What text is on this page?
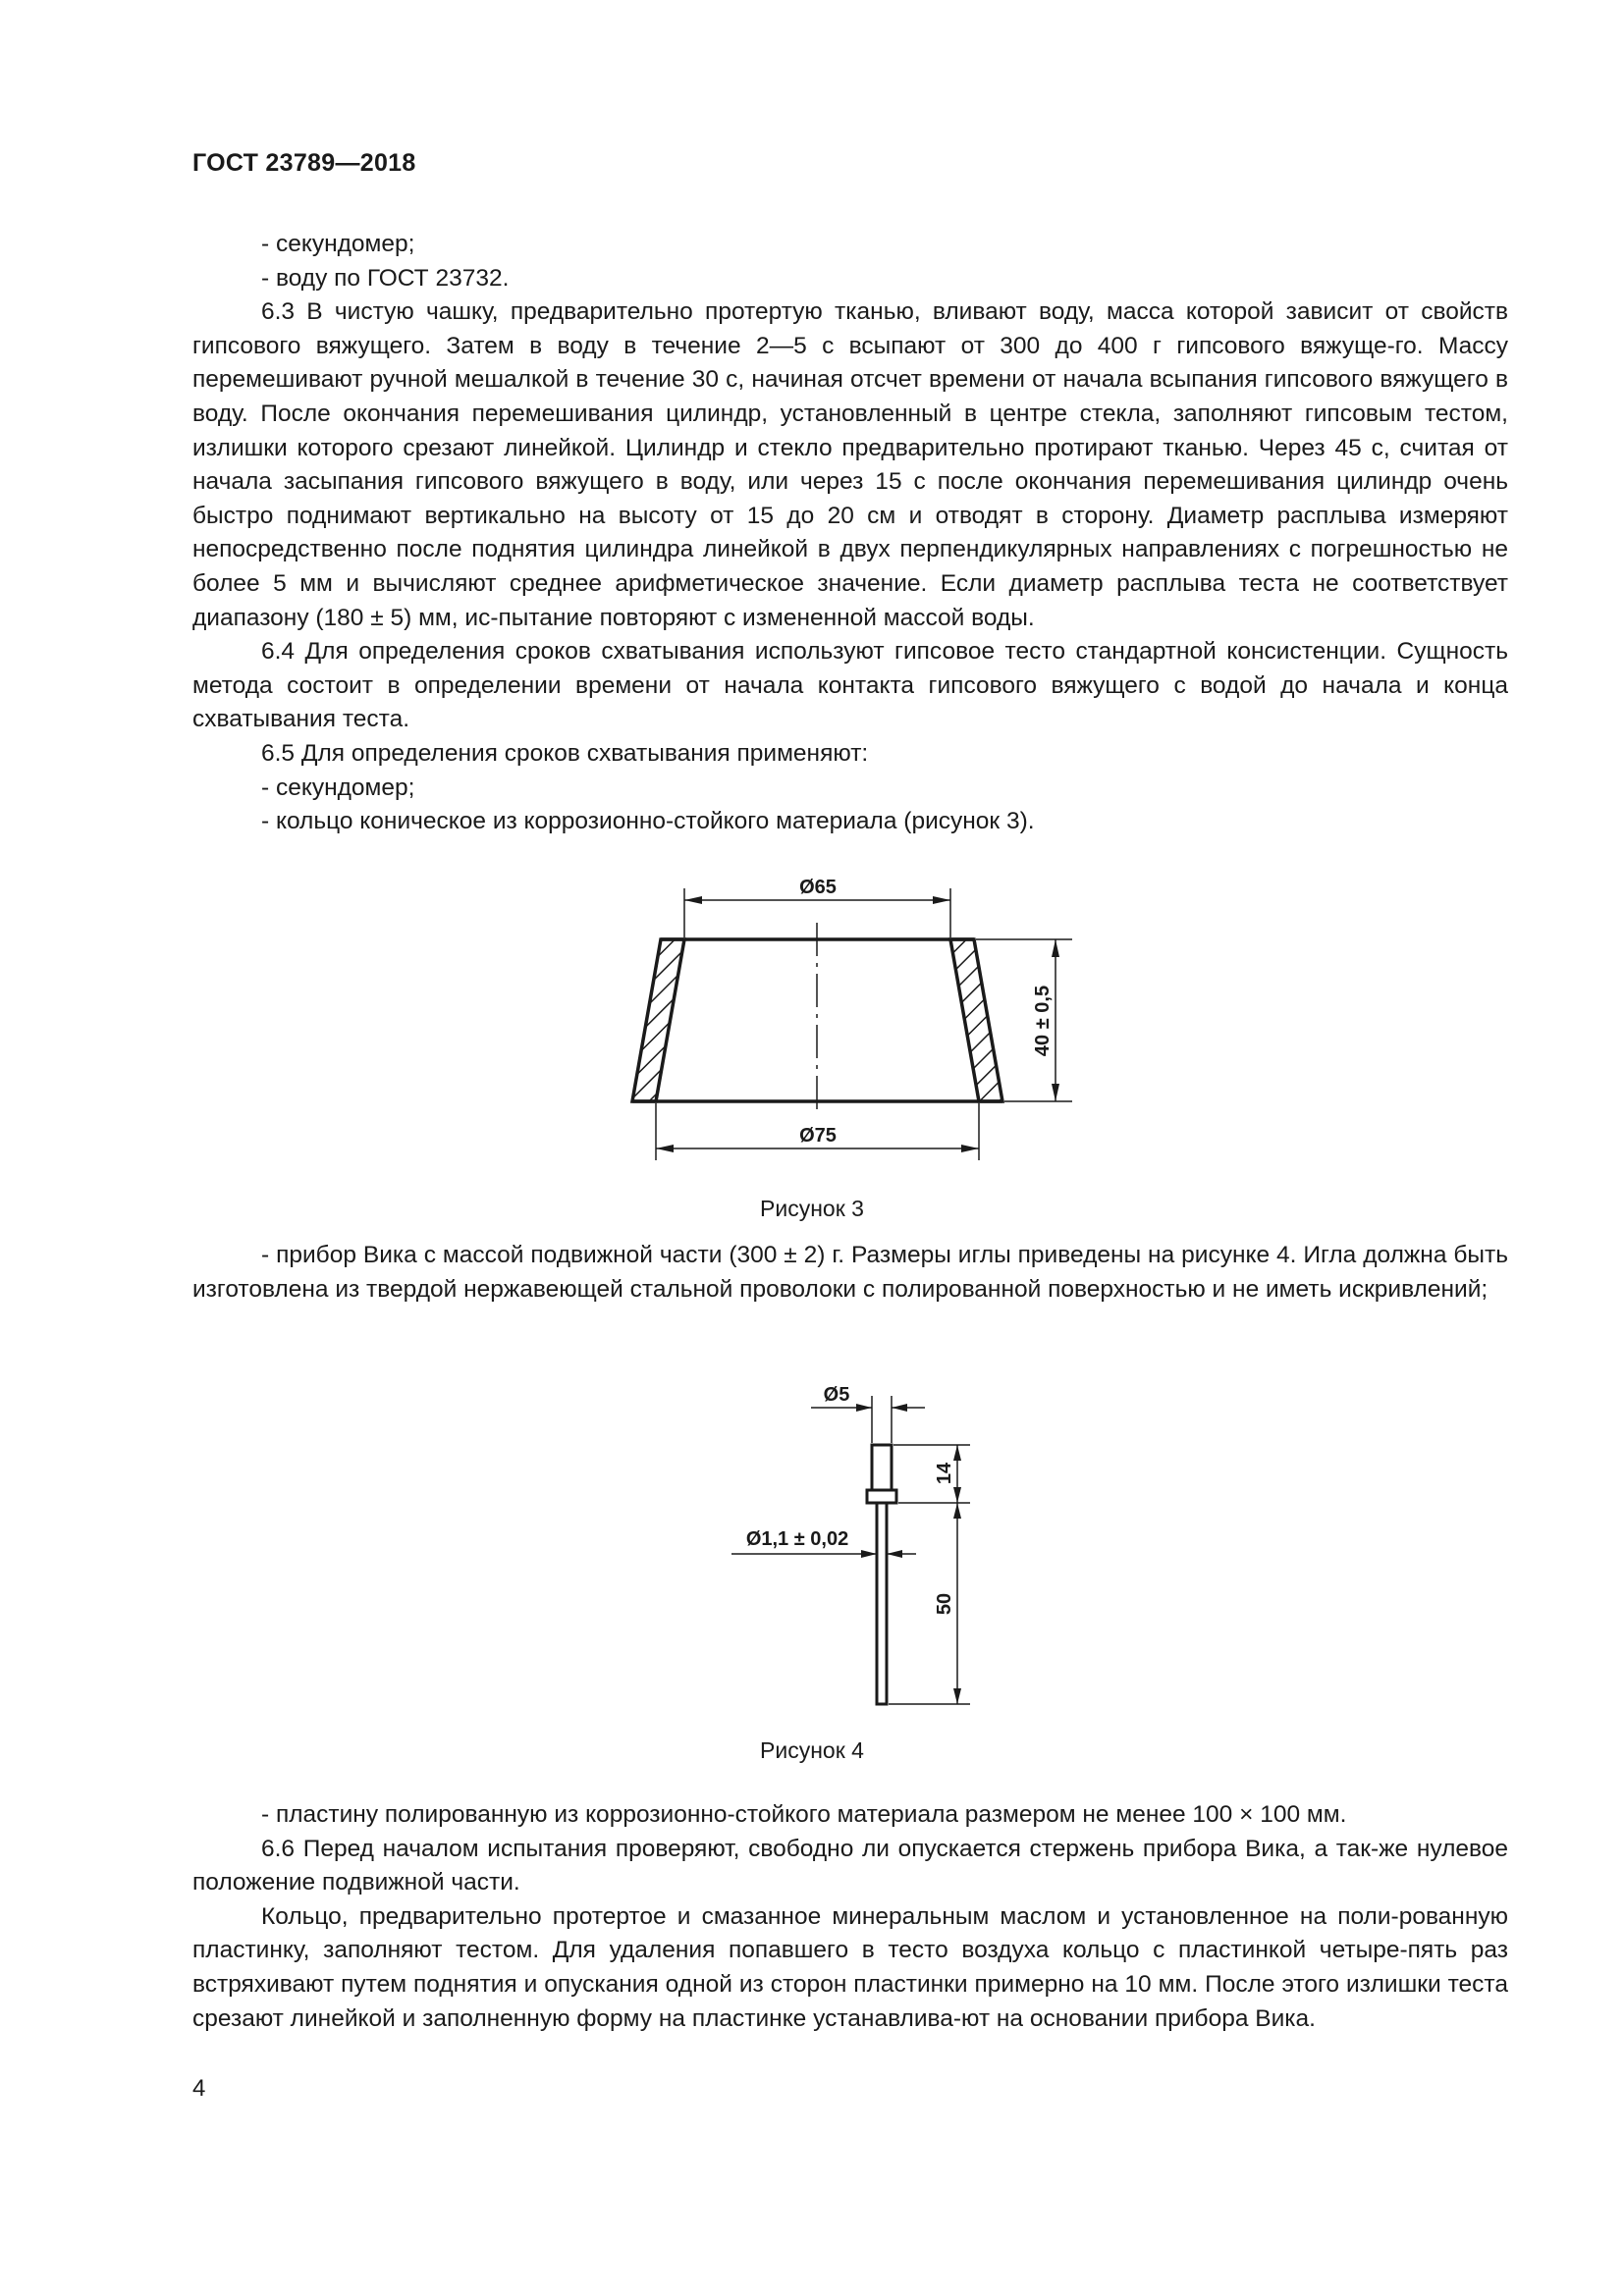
ГОСТ 23789—2018

- секундомер;

- воду по ГОСТ 23732.

6.3 В чистую чашку, предварительно протертую тканью, вливают воду, масса которой зависит от свойств гипсового вяжущего. Затем в воду в течение 2—5 с всыпают от 300 до 400 г гипсового вяжуще-го. Массу перемешивают ручной мешалкой в течение 30 с, начиная отсчет времени от начала всыпания гипсового вяжущего в воду. После окончания перемешивания цилиндр, установленный в центре стекла, заполняют гипсовым тестом, излишки которого срезают линейкой. Цилиндр и стекло предварительно протирают тканью. Через 45 с, считая от начала засыпания гипсового вяжущего в воду, или через 15 с после окончания перемешивания цилиндр очень быстро поднимают вертикально на высоту от 15 до 20 см и отводят в сторону. Диаметр расплыва измеряют непосредственно после поднятия цилиндра линейкой в двух перпендикулярных направлениях с погрешностью не более 5 мм и вычисляют среднее арифметическое значение. Если диаметр расплыва теста не соответствует диапазону (180 ± 5) мм, ис-пытание повторяют с измененной массой воды.

6.4 Для определения сроков схватывания используют гипсовое тесто стандартной консистенции. Сущность метода состоит в определении времени от начала контакта гипсового вяжущего с водой до начала и конца схватывания теста.

6.5 Для определения сроков схватывания применяют:

- секундомер;

- кольцо коническое из коррозионно-стойкого материала (рисунок 3).

Ø65
Ø75
40 ± 0,5
Рисунок 3

- прибор Вика с массой подвижной части (300 ± 2) г. Размеры иглы приведены на рисунке 4. Игла должна быть изготовлена из твердой нержавеющей стальной проволоки с полированной поверхностью и не иметь искривлений;

Ø5
14
Ø1,1 ± 0,02
50
Рисунок 4

- пластину полированную из коррозионно-стойкого материала размером не менее 100 × 100 мм.

6.6 Перед началом испытания проверяют, свободно ли опускается стержень прибора Вика, а так-же нулевое положение подвижной части.

Кольцо, предварительно протертое и смазанное минеральным маслом и установленное на поли-рованную пластинку, заполняют тестом. Для удаления попавшего в тесто воздуха кольцо с пластинкой четыре-пять раз встряхивают путем поднятия и опускания одной из сторон пластинки примерно на 10 мм. После этого излишки теста срезают линейкой и заполненную форму на пластинке устанавлива-ют на основании прибора Вика.

4
